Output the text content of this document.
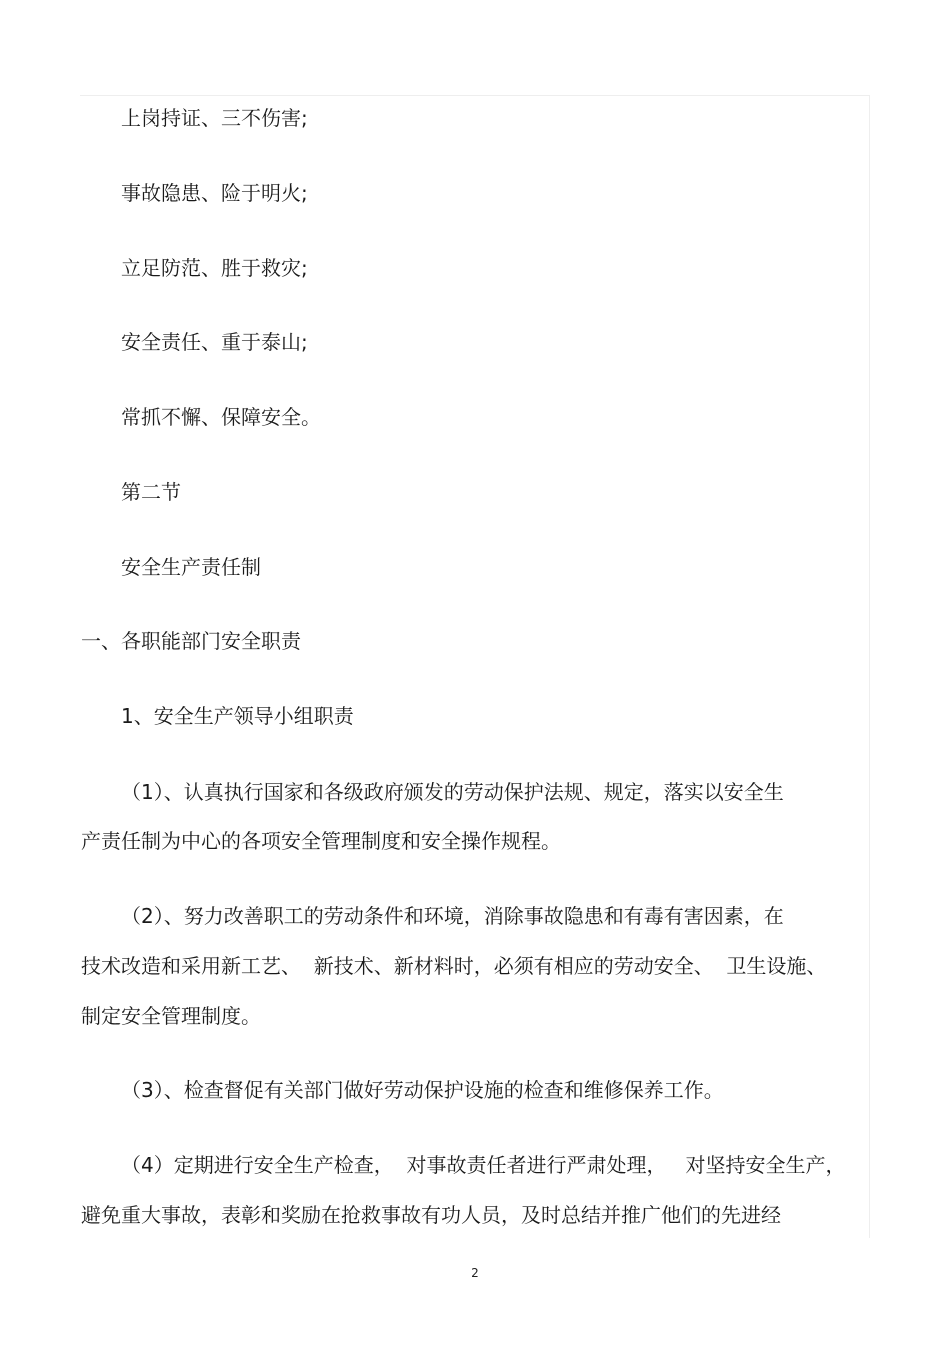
上岗持证、三不伤害;
事故隐患、险于明火;
立足防范、胜于救灾;
安全责任、重于泰山;
常抓不懈、保障安全。
第二节
安全生产责任制
一、各职能部门安全职责
1、安全生产领导小组职责
（1）、认真执行国家和各级政府颁发的劳动保护法规、规定，落实以安全生
产责任制为中心的各项安全管理制度和安全操作规程。
（2）、努力改善职工的劳动条件和环境，消除事故隐患和有毒有害因素，在
技术改造和采用新工艺、  新技术、新材料时，必须有相应的劳动安全、  卫生设施、
制定安全管理制度。
（3）、检查督促有关部门做好劳动保护设施的检查和维修保养工作。
（4）定期进行安全生产检查，  对事故责任者进行严肃处理，   对坚持安全生产，
避免重大事故，表彰和奖励在抢救事故有功人员，及时总结并推广他们的先进经
2
